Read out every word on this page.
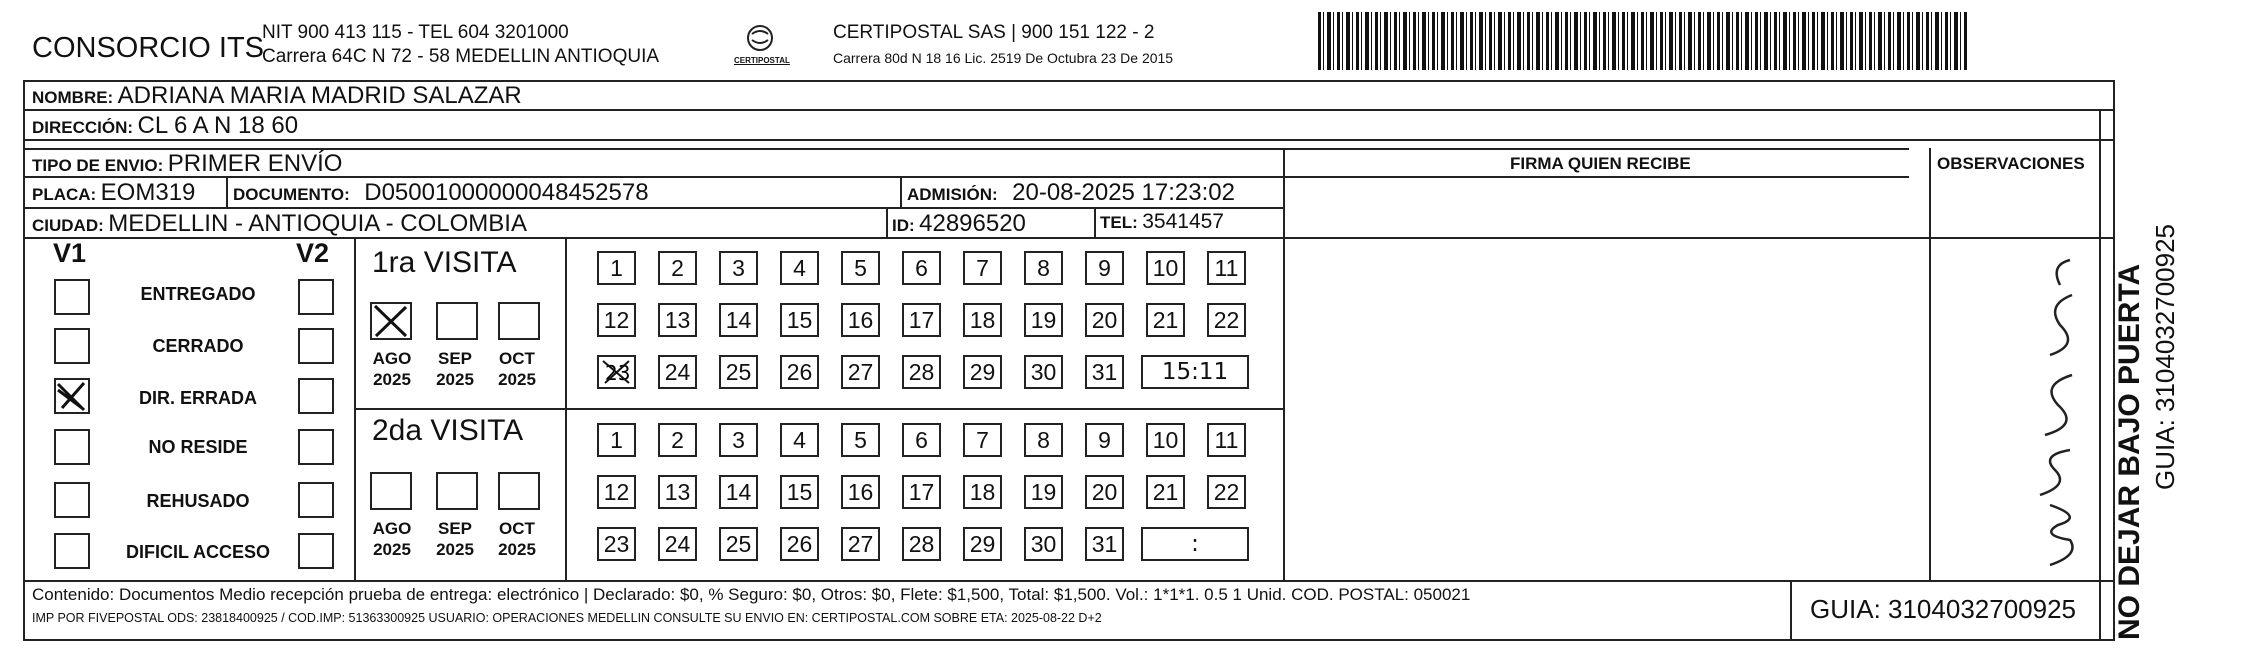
CONSORCIO ITS
NIT 900 413 115 - TEL 604 3201000
Carrera 64C N 72 - 58 MEDELLIN ANTIOQUIA	CERTIPOSTAL
CERTIPOSTAL SAS | 900 151 122 - 2
Carrera 80d N 18 16 Lic. 2519 De Octubra 23 De 2015
NOMBRE: ADRIANA MARIA MADRID SALAZAR
DIRECCIÓN: CL 6 A N 18 60
TIPO DE ENVIO: PRIMER ENVÍO	FIRMA QUIEN RECIBE	OBSERVACIONES
PLACA: EOM319 DOCUMENTO: D05001000000048452578	ADMISIÓN: 20-08-2025 17:23:02
CIUDAD: MEDELLIN - ANTIOQUIA - COLOMBIA	ID: 42896520	TEL: 3541457
V1	V2
ENTREGADO
CERRADO
DIR. ERRADA
NO RESIDE
REHUSADO
DIFICIL ACCESO
1ra VISITA
AGO
2025
SEP
2025
OCT
2025
2da VISITA
AGO
2025
SEP
2025
OCT
2025
1	2	3	4	5	6	7	8	9	10	11
12 13 14 15 16 17 18 19 20 21 22
23 24 25 26 27 28 29 30 31	15:11
1	2	3	4	5	6	7	8	9	10	11
12 13 14 15 16 17 18 19 20 21 22
23 24 25 26 27 28 29 30 31	:	NO DEJAR BAJO PUERTA GUIA: 3104032700925
Contenido: Documentos Medio recepción prueba de entrega: electrónico | Declarado: $0, % Seguro: $0, Otros: $0, Flete: $1,500, Total: $1,500. Vol.: 1*1*1. 0.5 1 Unid. COD. POSTAL: 050021
IMP POR FIVEPOSTAL ODS: 23818400925 / COD.IMP: 51363300925 USUARIO: OPERACIONES MEDELLIN CONSULTE SU ENVIO EN: CERTIPOSTAL.COM SOBRE ETA: 2025-08-22 D+2	GUIA: 3104032700925
